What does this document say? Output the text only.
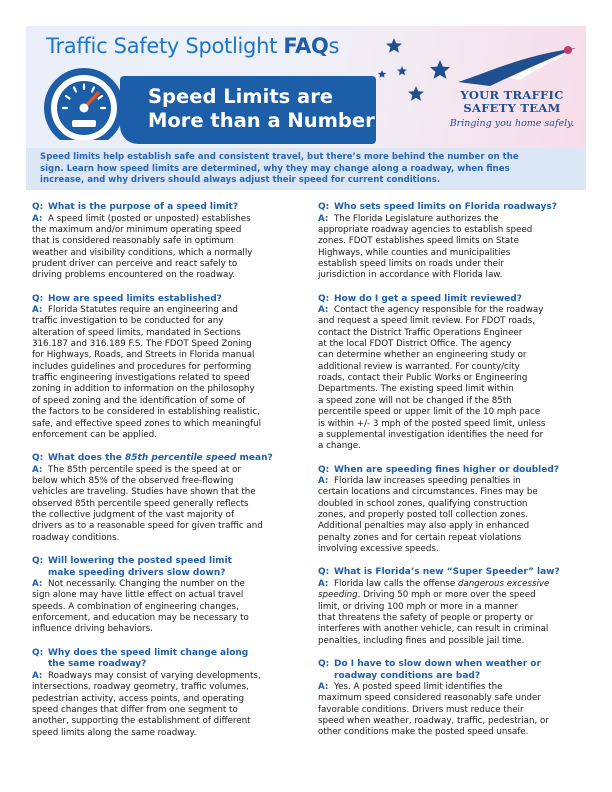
Traffic Safety Spotlight FAQs
Speed Limits are
More than a Number
YOUR TRAFFIC
SAFETY TEAM
Bringing you home safely.
Speed limits help establish safe and consistent travel, but there’s more behind the number on the
sign. Learn how speed limits are determined, why they may change along a roadway, when fines
increase, and why drivers should always adjust their speed for current conditions.
Q: What is the purpose of a speed limit?
A: A speed limit (posted or unposted) establishes
the maximum and/or minimum operating speed
that is considered reasonably safe in optimum
weather and visibility conditions, which a normally
prudent driver can perceive and react safely to
driving problems encountered on the roadway.
Q: How are speed limits established?
A: Florida Statutes require an engineering and
traffic investigation to be conducted for any
alteration of speed limits, mandated in Sections
316.187 and 316.189 F.S. The FDOT Speed Zoning
for Highways, Roads, and Streets in Florida manual
includes guidelines and procedures for performing
traffic engineering investigations related to speed
zoning in addition to information on the philosophy
of speed zoning and the identification of some of
the factors to be considered in establishing realistic,
safe, and effective speed zones to which meaningful
enforcement can be applied.
Q: What does the 85th percentile speed mean?
A: The 85th percentile speed is the speed at or
below which 85% of the observed free-flowing
vehicles are traveling. Studies have shown that the
observed 85th percentile speed generally reflects
the collective judgment of the vast majority of
drivers as to a reasonable speed for given traffic and
roadway conditions.
Q: Will lowering the posted speed limit
make speeding drivers slow down?
A: Not necessarily. Changing the number on the
sign alone may have little effect on actual travel
speeds. A combination of engineering changes,
enforcement, and education may be necessary to
influence driving behaviors.
Q: Why does the speed limit change along
the same roadway?
A: Roadways may consist of varying developments,
intersections, roadway geometry, traffic volumes,
pedestrian activity, access points, and operating
speed changes that differ from one segment to
another, supporting the establishment of different
speed limits along the same roadway.
Q: Who sets speed limits on Florida roadways?
A: The Florida Legislature authorizes the
appropriate roadway agencies to establish speed
zones. FDOT establishes speed limits on State
Highways, while counties and municipalities
establish speed limits on roads under their
jurisdiction in accordance with Florida law.
Q: How do I get a speed limit reviewed?
A: Contact the agency responsible for the roadway
and request a speed limit review. For FDOT roads,
contact the District Traffic Operations Engineer
at the local FDOT District Office. The agency
can determine whether an engineering study or
additional review is warranted. For county/city
roads, contact their Public Works or Engineering
Departments. The existing speed limit within
a speed zone will not be changed if the 85th
percentile speed or upper limit of the 10 mph pace
is within +/- 3 mph of the posted speed limit, unless
a supplemental investigation identifies the need for
a change.
Q: When are speeding fines higher or doubled?
A: Florida law increases speeding penalties in
certain locations and circumstances. Fines may be
doubled in school zones, qualifying construction
zones, and properly posted toll collection zones.
Additional penalties may also apply in enhanced
penalty zones and for certain repeat violations
involving excessive speeds.
Q: What is Florida’s new “Super Speeder” law?
A: Florida law calls the offense dangerous excessive
speeding. Driving 50 mph or more over the speed
limit, or driving 100 mph or more in a manner
that threatens the safety of people or property or
interferes with another vehicle, can result in criminal
penalties, including fines and possible jail time.
Q: Do I have to slow down when weather or
roadway conditions are bad?
A: Yes. A posted speed limit identifies the
maximum speed considered reasonably safe under
favorable conditions. Drivers must reduce their
speed when weather, roadway, traffic, pedestrian, or
other conditions make the posted speed unsafe.
